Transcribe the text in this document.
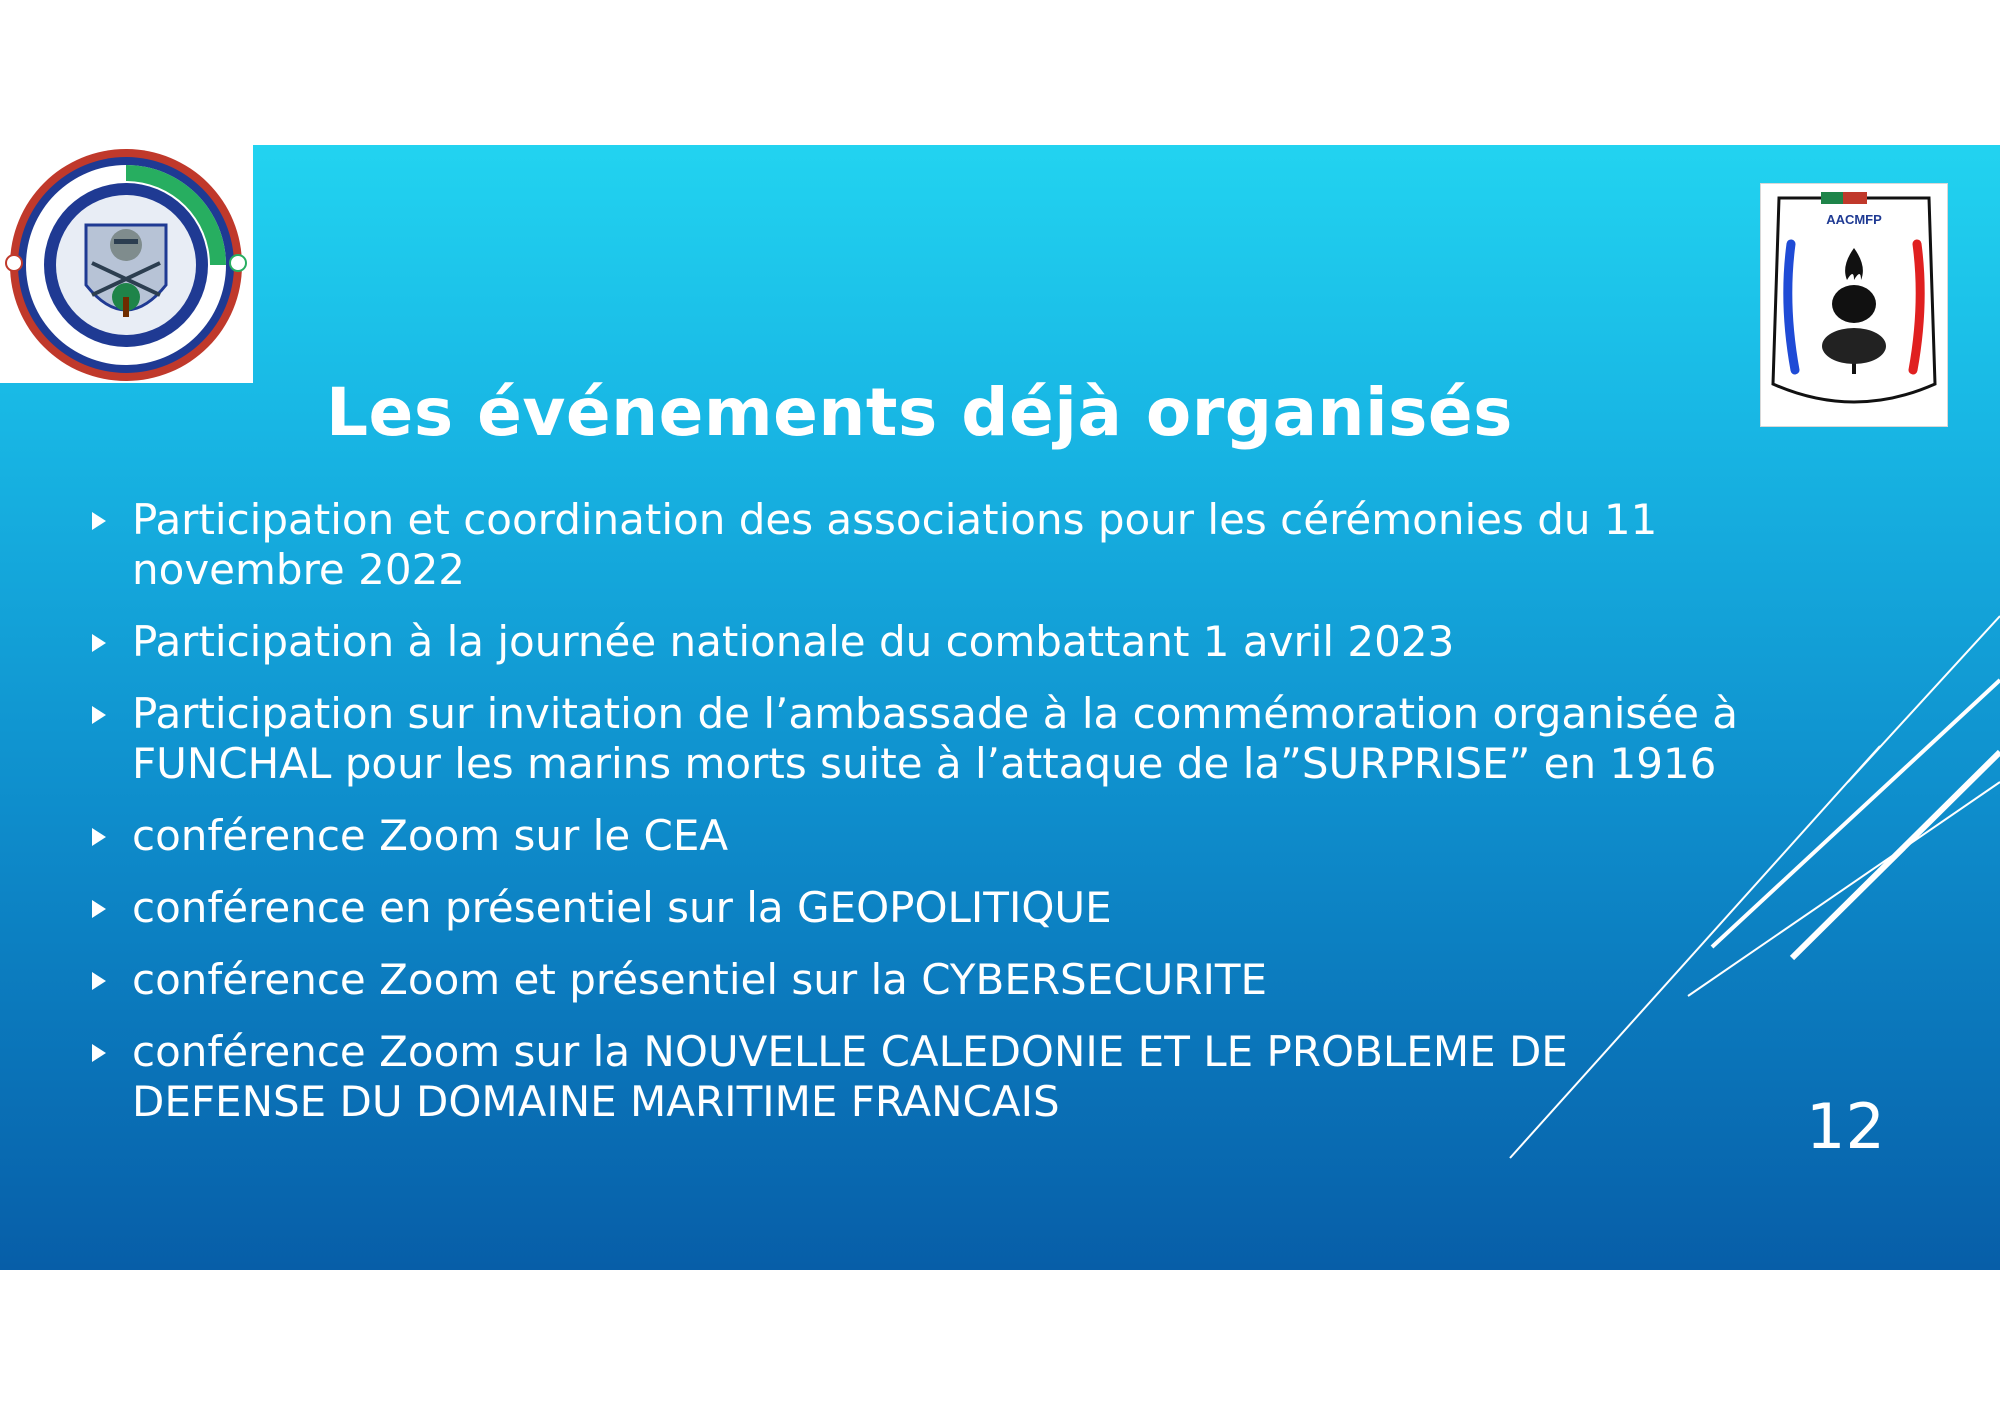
AACMFP
Les événements déjà organisés
Participation et coordination des associations pour les cérémonies du 11 novembre 2022
Participation à la journée nationale du combattant 1 avril 2023
Participation sur invitation de l’ambassade à la commémoration organisée à FUNCHAL pour les marins morts suite à l’attaque de la”SURPRISE” en 1916
conférence Zoom sur le CEA
conférence en présentiel sur la GEOPOLITIQUE
conférence Zoom et présentiel sur la CYBERSECURITE
conférence Zoom sur la NOUVELLE CALEDONIE ET LE PROBLEME DE DEFENSE DU DOMAINE MARITIME FRANCAIS	12
